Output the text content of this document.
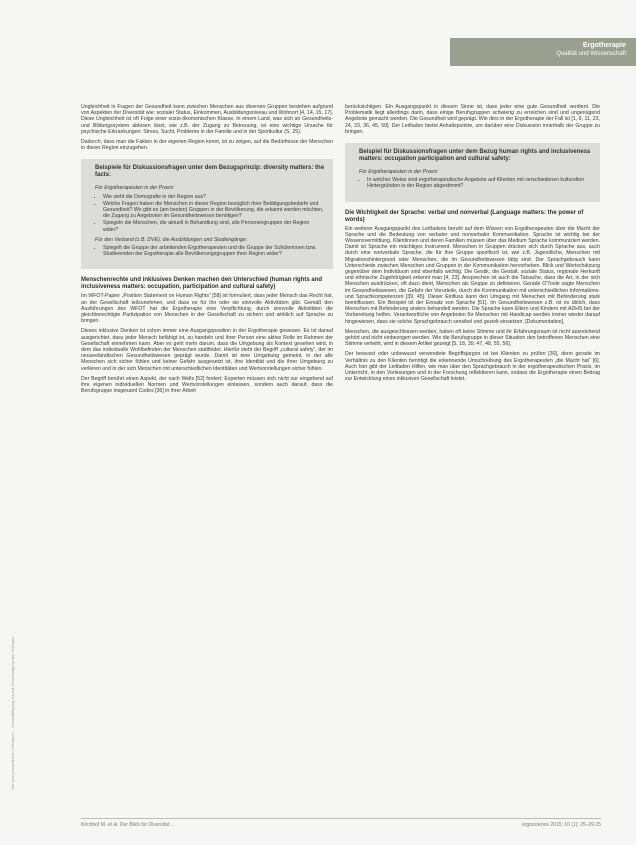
Nur zum persönlichen Gebrauch – Vervielfältigung nur mit Genehmigung des Verlages
Ergotherapie
Qualität und Wissenschaft

Ungleichheit in Fragen der Gesundheit kann zwischen Menschen aus diversen Gruppen bestehen aufgrund von Aspekten der Diversität wie: sozialer Status, Einkommen, Ausbildungsniveau und Wohnort [4, 14, 15, 17]. Diese Ungleichheit ist oft Folge einer sozio-ökonomischen Klasse. In einem Land, was sich an Gesundheits- und Bildungssystem ablesen lässt, wie z.B. der Zugang zu Betreuung, ist eine wichtige Ursache für psychische Erkrankungen: Stress, Sucht, Probleme in der Familie und in der Sportkultur (S. 25).

Dadurch, dass man die Fakten in der eigenen Region kennt, ist zu zeigen, auf die Bedürfnisse der Menschen in dieser Region einzugehen.

Beispiele für Diskussionsfragen unter dem Bezugsprinzip: diversity matters: the facts:
Für Ergotherapeuten in der Praxis:
• Wie sieht die Demografie in der Region aus?
• Welche Fragen haben die Menschen in dieser Region bezüglich ihrer Betätigungsbedarfe und Gesundheit? Wo gibt es (am besten) Gruppen in der Bevölkerung, die erkannt werden möchten, die Zugang zu Angeboten im Gesundheitswesen benötigen?
• Spiegeln die Menschen, die aktuell in Behandlung sind, alle Personengruppen der Region wider?
Für den Verband (z.B. DVE), die Ausbildungen und Studiengänge:
• Spiegelt die Gruppe der arbeitenden Ergotherapeuten und die Gruppe der Schülerinnen bzw. Studierenden der Ergotherapie alle Bevölkerungsgruppen ihrer Region wider?
Menschenrechte und inklusives Denken machen den Unterschied (human rights and inclusiveness matters: occupation, participation and cultural safety)

Im WFOT-Papier „Position Statement on Human Rights“ [58] ist formuliert, dass jeder Mensch das Recht hat, an der Gesellschaft teilzunehmen, und dass es für ihn oder sie sinnvolle Aktivitäten gibt. Gemäß den Ausführungen des WFOT hat die Ergotherapie eine Verpflichtung, durch sinnvolle Aktivitäten die gleichberechtigte Partizipation von Menschen in der Gesellschaft zu sichern und wirklich auf Sprache zu bringen.

Dieses inklusive Denken ist schon immer eine Ausgangsposition in der Ergotherapie gewesen. Es ist darauf ausgerichtet, dass jeder Mensch befähigt ist, zu handeln und ihrer Person eine aktive Rolle im Rahmen der Gesellschaft einnehmen kann. Aber es geht mehr darum, dass die Umgebung als Kontext gesehen wird, in dem das individuelle Wohlbefinden der Menschen stattfindet. Hierfür steht der Begriff „cultural safety“, der im neuseeländischen Gesundheitswesen geprägt wurde. Damit ist eine Umgebung gemeint, in der alle Menschen sich sicher fühlen und keiner Gefahr ausgesetzt ist, ihre Identität und die ihrer Umgebung zu verlieren und in der sich Menschen mit unterschiedlichen Identitäten und Wertvorstellungen sicher fühlen.

Der Begriff berührt einen Aspekt, der nach Wells [52] fordert: Experten müssen sich nicht nur eingehend auf ihre eigenen individuellen Normen und Wertvorstellungen einlassen, sondern auch darauf, dass die Berufsgruppe insgesamt Codes [36] in ihrer Arbeit

berücksichtigen. Ein Ausgangspunkt in diesem Sinne ist, dass jeder eine gute Gesundheit verdient. Die Problematik liegt allerdings darin, dass einige Berufsgruppen schwierig zu erreichen sind und ungenügend Angebote gemacht werden. Die Gesundheit wird geprägt. Wie dies in der Ergotherapie der Fall ist [1, 9, 11, 23, 24, 33, 36, 45, 50]. Der Leitfaden bietet Anhaltspunkte, um darüber eine Diskussion innerhalb der Gruppe zu bringen.

Beispiel für Diskussionsfragen unter dem Bezug human rights and inclusiveness matters: occupation participation and cultural safety:
Für Ergotherapeuten in der Praxis:
• In welcher Weise sind ergotherapeutische Angebote auf Klienten mit verschiedenen kulturellen Hintergründen in der Region abgestimmt?
Die Wichtigkeit der Sprache: verbal und nonverbal (Language matters: the power of words)

Ein weiterer Ausgangspunkt des Leitfadens beruht auf dem Wissen von Ergotherapeuten über die Macht der Sprache und die Bedeutung von verbaler und nonverbaler Kommunikation. Sprache ist wichtig bei der Wissensvermittlung. Klientinnen und deren Familien müssen über das Medium Sprache kommuniziert werden. Damit ist Sprache ein mächtiges Instrument. Menschen in Gruppen drücken sich durch Sprache aus, auch durch eine nonverbale Sprache, die für ihre Gruppe spezifisch ist, wie z.B. Jugendliche, Menschen mit Migrationshintergrund oder Menschen, die im Gesundheitswesen tätig sind. Der Sprachgebrauch kann Unterschiede zwischen Menschen und Gruppen in der Kommunikation hervorheben. Blick und Wertschätzung gegenüber dem Individuum sind ebenfalls wichtig. Die Gestik, die Gestalt, soziale Status, regionale Herkunft und ethnische Zugehörigkeit erkennt man [4, 23]. Ansprechen ist auch die Tatsache, dass die Art, in der sich Menschen ausdrücken, oft dazu dient, Menschen als Gruppe zu definieren. Gerade O'Toole sagte Menschen im Gesundheitswesen, die Gefahr der Vorurteile, durch die Kommunikation mit unterschiedlichen Informations- und Sprachkompetenzen [39, 45]. Dieser Einfluss kann den Umgang mit Menschen mit Behinderung stark beeinflussen. Ein Beispiel ist der Einsatz von Sprache [51]. Im Gesundheitswesen z.B. ist es üblich, dass Menschen mit Behinderung anders behandelt werden. Die Sprache kann Eltern und Kindern mit ADHS bei der Vorbereitung helfen. Verantwortliche von Angeboten für Menschen mit Handicap werden immer wieder darauf hingewiesen, dass sie solche Sprachgebrauch sensibel und gezielt einsetzen. [Dokumentation].

Menschen, die ausgeschlossen werden, haben oft keine Stimme und ihr Erfahrungsraum ist nicht ausreichend gehört und nicht einbezogen werden. Wie die Berufsgruppe in dieser Situation den betroffenen Menschen eine Stimme verleiht, wird in diesem Artikel gezeigt [5, 18, 39, 47, 48, 55, 56].

Der bewusst oder unbewusst verwendete Begriffsjargon ist bei Klienten zu prüfen [30], denn gerade im Verhältnis zu den Klienten benötigt die erkennende Umschreibung des Ergotherapeuten „die Macht hat“ [6]. Auch hier gibt der Leitfaden Hilfen, wie man über den Sprachgebrauch in der ergotherapeutischen Praxis, im Unterricht, in den Vorlesungen und in der Forschung reflektieren kann, sodass die Ergotherapie einen Beitrag zur Entwicklung eines inklusiven Gesellschaft leistet.

Kirchhof M. et al. Der Blick für Diversität ...	ergoscience 2015; 10 (1): 25–29 25
